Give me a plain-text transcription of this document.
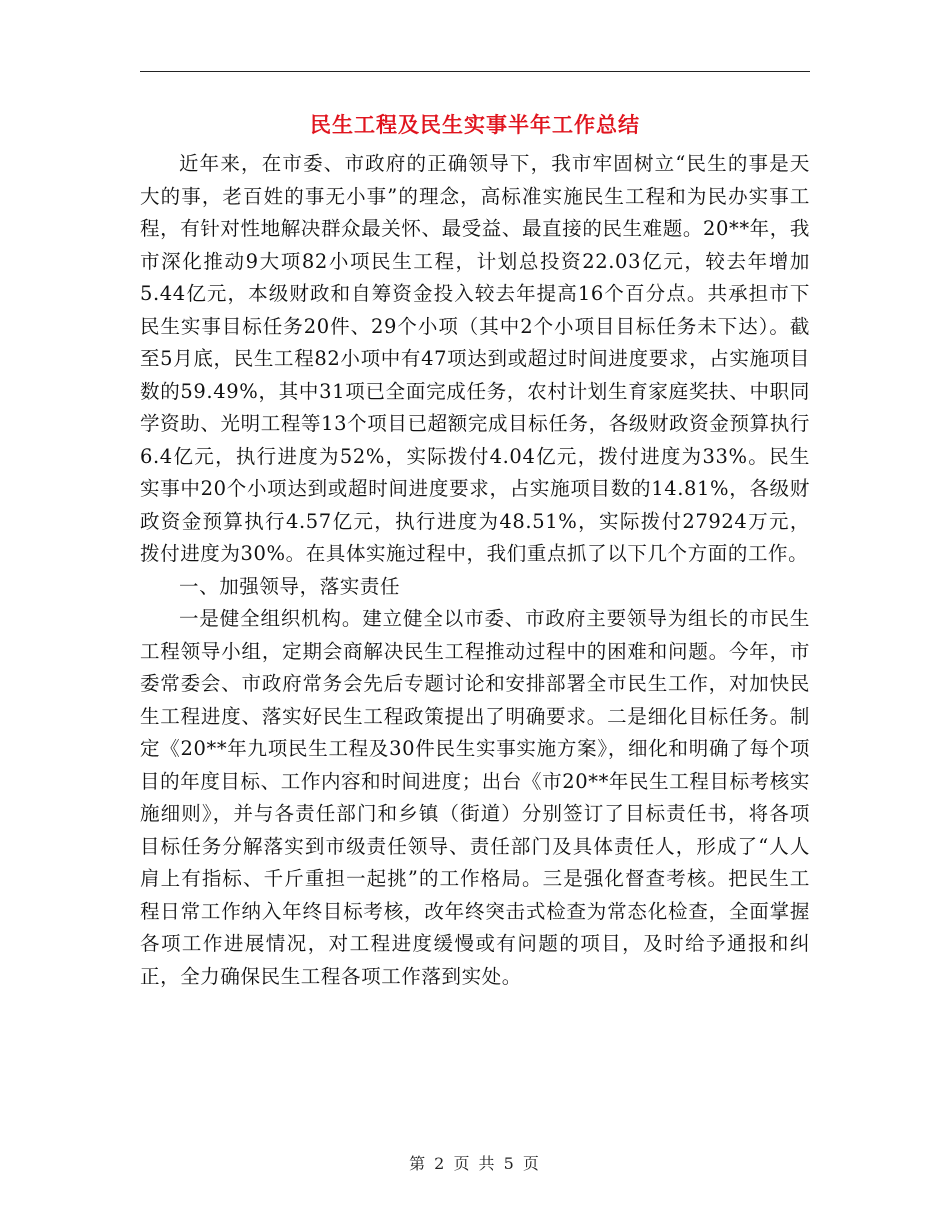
民生工程及民生实事半年工作总结

近年来，在市委、市政府的正确领导下，我市牢固树立“民生的事是天大的事，老百姓的事无小事”的理念，高标准实施民生工程和为民办实事工程，有针对性地解决群众最关怀、最受益、最直接的民生难题。20**年，我市深化推动9大项82小项民生工程，计划总投资22.03亿元，较去年增加5.44亿元，本级财政和自筹资金投入较去年提高16个百分点。共承担市下民生实事目标任务20件、29个小项（其中2个小项目目标任务未下达）。截至5月底，民生工程82小项中有47项达到或超过时间进度要求，占实施项目数的59.49%，其中31项已全面完成任务，农村计划生育家庭奖扶、中职同学资助、光明工程等13个项目已超额完成目标任务，各级财政资金预算执行6.4亿元，执行进度为52%，实际拨付4.04亿元，拨付进度为33%。民生实事中20个小项达到或超时间进度要求，占实施项目数的14.81%，各级财政资金预算执行4.57亿元，执行进度为48.51%，实际拨付27924万元，拨付进度为30%。在具体实施过程中，我们重点抓了以下几个方面的工作。

一、加强领导，落实责任

一是健全组织机构。建立健全以市委、市政府主要领导为组长的市民生工程领导小组，定期会商解决民生工程推动过程中的困难和问题。今年，市委常委会、市政府常务会先后专题讨论和安排部署全市民生工作，对加快民生工程进度、落实好民生工程政策提出了明确要求。二是细化目标任务。制定《20**年九项民生工程及30件民生实事实施方案》，细化和明确了每个项目的年度目标、工作内容和时间进度；出台《市20**年民生工程目标考核实施细则》，并与各责任部门和乡镇（街道）分别签订了目标责任书，将各项目标任务分解落实到市级责任领导、责任部门及具体责任人，形成了“人人肩上有指标、千斤重担一起挑”的工作格局。三是强化督查考核。把民生工程日常工作纳入年终目标考核，改年终突击式检查为常态化检查，全面掌握各项工作进展情况，对工程进度缓慢或有问题的项目，及时给予通报和纠正，全力确保民生工程各项工作落到实处。

第 2 页 共 5 页
